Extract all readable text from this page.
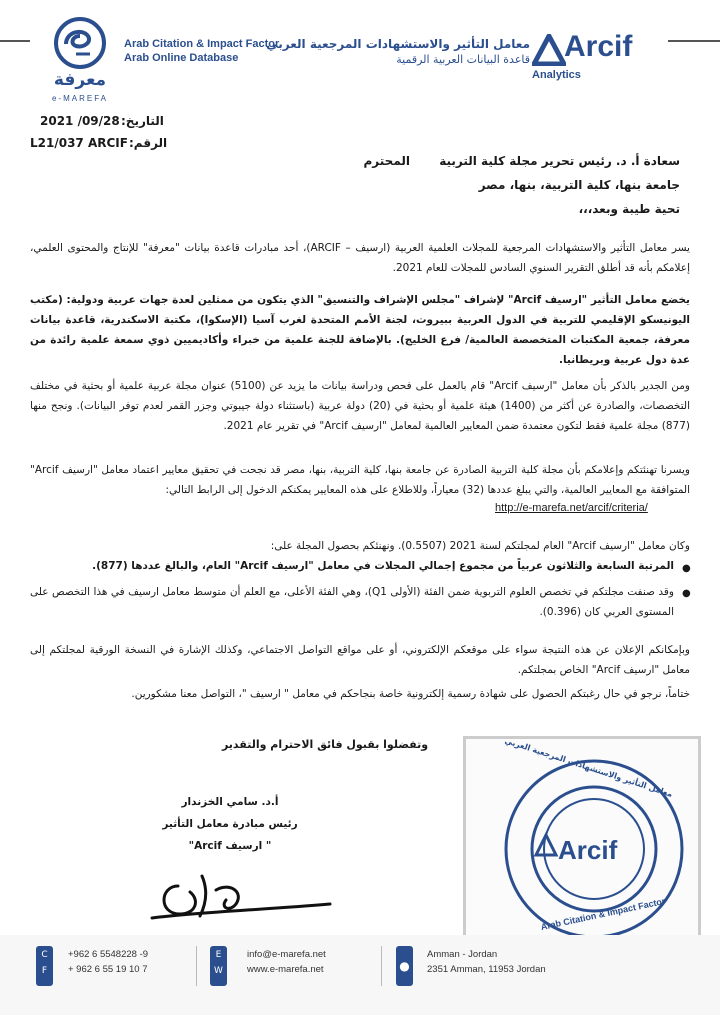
معرفة
e-MAREFA
Arab Citation & Impact Factor
Arab Online Database
معامل التأثير والاستشهادات المرجعية العربي
قاعدة البيانات العربية الرقمية Arcif
Analytics
التاريخ:
2021 /09/28
الرقم:
L21/037 ARCIF
سعادة أ. د. رئيس تحرير مجلة كلية التربية
المحترم
جامعة بنها، كلية التربية، بنها، مصر
تحية طيبة وبعد،،،
يسر معامل التأثير والاستشهادات المرجعية للمجلات العلمية العربية (ارسيف – ARCIF)، أحد مبادرات قاعدة بيانات "معرفة" للإنتاج والمحتوى العلمي، إعلامكم بأنه قد أطلق التقرير السنوي السادس للمجلات للعام 2021.
يخضع معامل التأثير "ارسيف Arcif" لإشراف "مجلس الإشراف والتنسيق" الذي يتكون من ممثلين لعدة جهات عربية ودولية: (مكتب اليونيسكو الإقليمي للتربية في الدول العربية ببيروت، لجنة الأمم المتحدة لغرب آسيا (الإسكوا)، مكتبة الاسكندرية، قاعدة بيانات معرفة، جمعية المكتبات المتخصصة العالمية/ فرع الخليج). بالإضافة للجنة علمية من خبراء وأكاديميين ذوي سمعة علمية رائدة من عدة دول عربية وبريطانيا.
ومن الجدير بالذكر بأن معامل "ارسيف Arcif" قام بالعمل على فحص ودراسة بيانات ما يزيد عن (5100) عنوان مجلة عربية علمية أو بحثية في مختلف التخصصات، والصادرة عن أكثر من (1400) هيئة علمية أو بحثية في (20) دولة عربية (باستثناء دولة جيبوتي وجزر القمر لعدم توفر البيانات). ونجح منها (877) مجلة علمية فقط لتكون معتمدة ضمن المعايير العالمية لمعامل "ارسيف Arcif" في تقرير عام 2021.
ويسرنا تهنئتكم وإعلامكم بأن مجلة كلية التربية الصادرة عن جامعة بنها، كلية التربية، بنها، مصر قد نجحت في تحقيق معايير اعتماد معامل "ارسيف Arcif" المتوافقة مع المعايير العالمية، والتي يبلغ عددها (32) معياراً، وللاطلاع على هذه المعايير يمكنكم الدخول إلى الرابط التالي:
http://e-marefa.net/arcif/criteria/
وكان معامل "ارسيف Arcif" العام لمجلتكم لسنة 2021 (0.5507). ونهنئكم بحصول المجلة على:
●
المرتبة السابعة والثلاثون عربياً من مجموع إجمالي المجلات في معامل "ارسيف Arcif" العام، والبالغ عددها (877).
●
وقد صنفت مجلتكم في تخصص العلوم التربوية ضمن الفئة (الأولى Q1)، وهي الفئة الأعلى، مع العلم أن متوسط معامل ارسيف في هذا التخصص على المستوى العربي كان (0.396).
وبإمكانكم الإعلان عن هذه النتيجة سواء على موقعكم الإلكتروني، أو على مواقع التواصل الاجتماعي، وكذلك الإشارة في النسخة الورقية لمجلتكم إلى معامل "ارسيف Arcif" الخاص بمجلتكم.
ختاماً، نرجو في حال رغبتكم الحصول على شهادة رسمية إلكترونية خاصة بنجاحكم في معامل " ارسيف "، التواصل معنا مشكورين.
وتفضلوا بقبول فائق الاحترام والتقدير
أ.د. سامي الخزندار
رئيس مبادرة معامل التأثير
" ارسيف Arcif"	Arcif
معامل التأثير والاستشهادات المرجعية العربي
Arab Citation & Impact Factor
C
F
+962 6 5548228 -9
+ 962 6 55 19 10 7
E
W
info@e-marefa.net
www.e-marefa.net	●
Amman - Jordan
2351 Amman, 11953 Jordan
